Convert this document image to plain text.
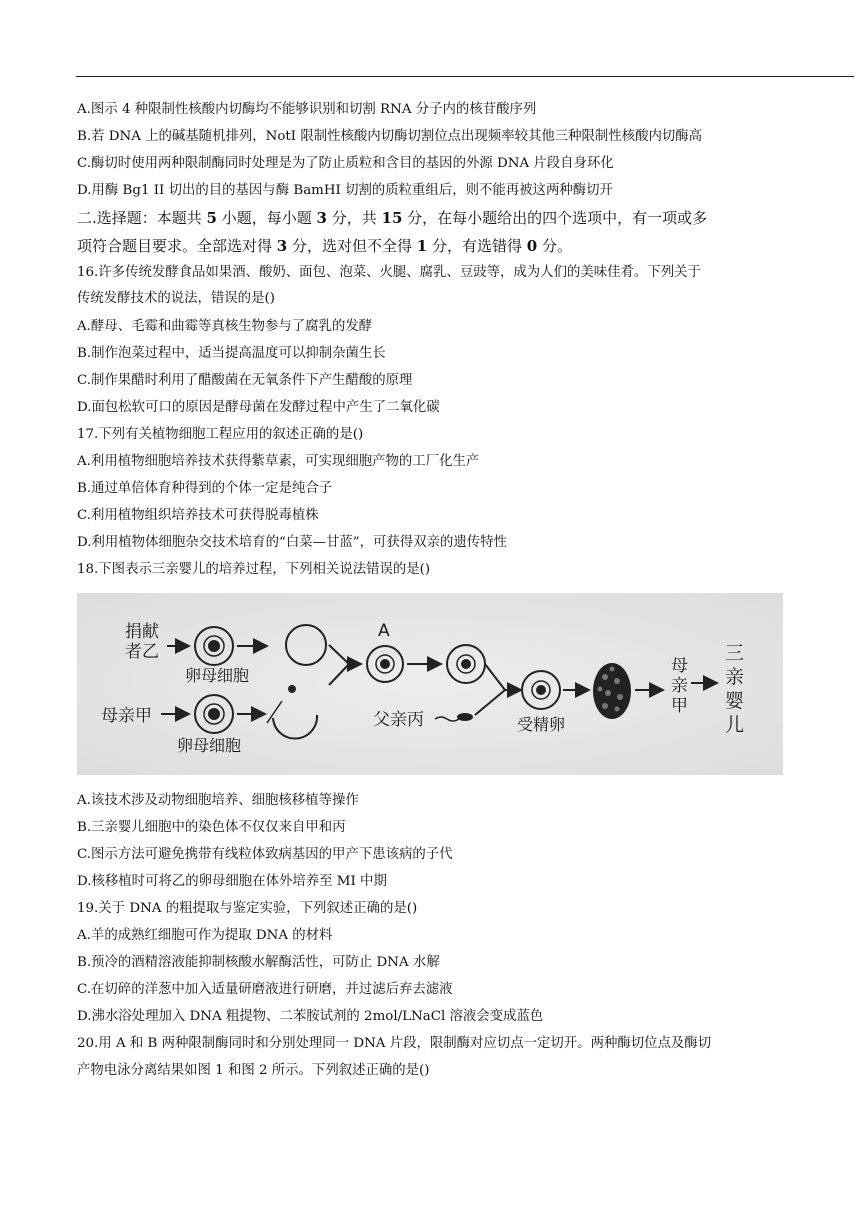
A.图示 4 种限制性核酸内切酶均不能够识别和切割 RNA 分子内的核苷酸序列
B.若 DNA 上的碱基随机排列，NotI 限制性核酸内切酶切割位点出现频率较其他三种限制性核酸内切酶高
C.酶切时使用两种限制酶同时处理是为了防止质粒和含目的基因的外源 DNA 片段自身环化
D.用酶 Bg1 II 切出的目的基因与酶 BamHI 切割的质粒重组后，则不能再被这两种酶切开
二.选择题：本题共 5 小题，每小题 3 分，共 15 分，在每小题给出的四个选项中，有一项或多
项符合题目要求。全部选对得 3 分，选对但不全得 1 分，有选错得 0 分。
16.许多传统发酵食品如果酒、酸奶、面包、泡菜、火腿、腐乳、豆豉等，成为人们的美味佳肴。下列关于
传统发酵技术的说法，错误的是()
A.酵母、毛霉和曲霉等真核生物参与了腐乳的发酵
B.制作泡菜过程中，适当提高温度可以抑制杂菌生长
C.制作果醋时利用了醋酸菌在无氧条件下产生醋酸的原理
D.面包松软可口的原因是酵母菌在发酵过程中产生了二氧化碳
17.下列有关植物细胞工程应用的叙述正确的是()
A.利用植物细胞培养技术获得紫草素，可实现细胞产物的工厂化生产
B.通过单倍体育种得到的个体一定是纯合子
C.利用植物组织培养技术可获得脱毒植株
D.利用植物体细胞杂交技术培育的“白菜—甘蓝”，可获得双亲的遗传特性
18.下图表示三亲婴儿的培养过程，下列相关说法错误的是()
捐献
者乙
卵母细胞
母亲甲
卵母细胞
A
父亲丙	受精卵
母
亲
甲
三
亲
婴
儿
A.该技术涉及动物细胞培养、细胞核移植等操作
B.三亲婴儿细胞中的染色体不仅仅来自甲和丙
C.图示方法可避免携带有线粒体致病基因的甲产下患该病的子代
D.核移植时可将乙的卵母细胞在体外培养至 MI 中期
19.关于 DNA 的粗提取与鉴定实验，下列叙述正确的是()
A.羊的成熟红细胞可作为提取 DNA 的材料
B.预冷的酒精溶液能抑制核酸水解酶活性，可防止 DNA 水解
C.在切碎的洋葱中加入适量研磨液进行研磨，并过滤后弃去滤液
D.沸水浴处理加入 DNA 粗提物、二苯胺试剂的 2mol/LNaCl 溶液会变成蓝色
20.用 A 和 B 两种限制酶同时和分别处理同一 DNA 片段，限制酶对应切点一定切开。两种酶切位点及酶切
产物电泳分离结果如图 1 和图 2 所示。下列叙述正确的是()
